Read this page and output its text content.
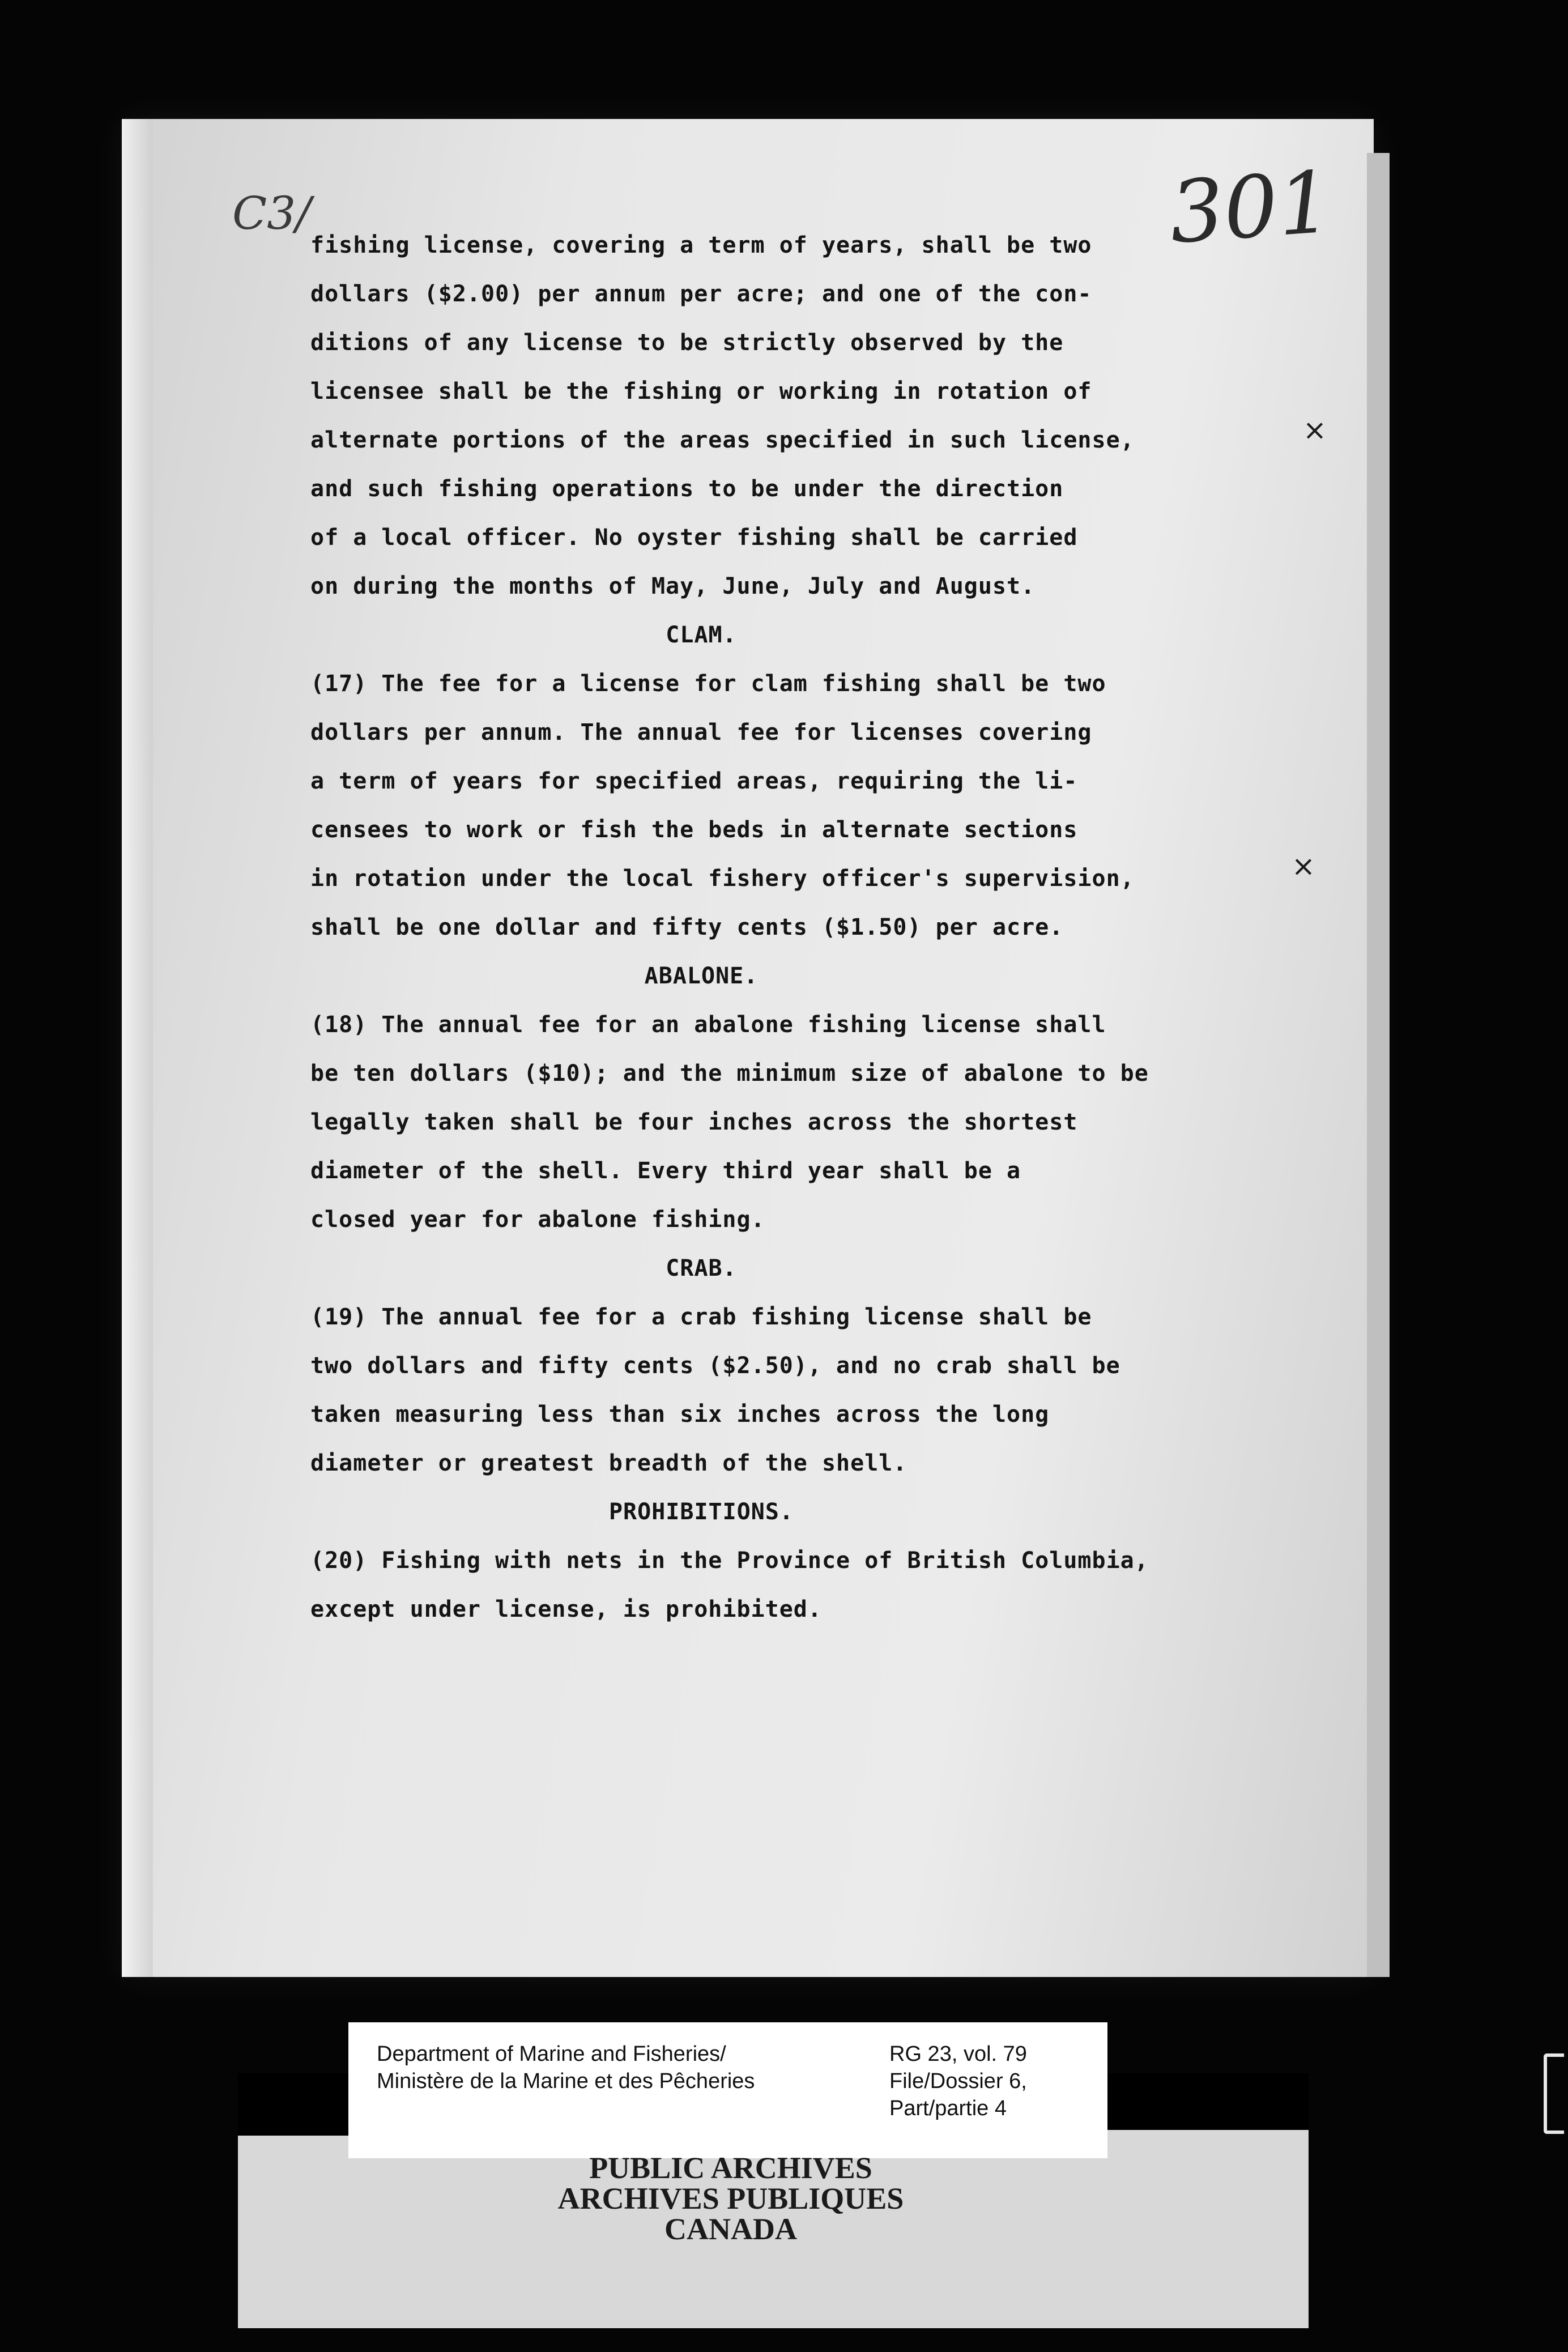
301
C3/
fishing license, covering a term of years, shall be two
dollars ($2.00) per annum per acre; and one of the con-
ditions of any license to be strictly observed by the
licensee shall be the fishing or working in rotation of
alternate portions of the areas specified in such license,
and such fishing operations to be under the direction
of a local officer. No oyster fishing shall be carried
on during the months of May, June, July and August.
CLAM.
(17) The fee for a license for clam fishing shall be two
dollars per annum. The annual fee for licenses covering
a term of years for specified areas, requiring the li-
censees to work or fish the beds in alternate sections
in rotation under the local fishery officer's supervision,
shall be one dollar and fifty cents ($1.50) per acre.
ABALONE.
(18) The annual fee for an abalone fishing license shall
be ten dollars ($10); and the minimum size of abalone to be
legally taken shall be four inches across the shortest
diameter of the shell. Every third year shall be a
closed year for abalone fishing.
CRAB.
(19) The annual fee for a crab fishing license shall be
two dollars and fifty cents ($2.50), and no crab shall be
taken measuring less than six inches across the long
diameter or greatest breadth of the shell.
PROHIBITIONS.
(20) Fishing with nets in the Province of British Columbia,
except under license, is prohibited.
×
×
Department of Marine and Fisheries/
Ministère de la Marine et des Pêcheries
RG 23, vol. 79
File/Dossier 6,
Part/partie 4
PUBLIC ARCHIVES
ARCHIVES PUBLIQUES
CANADA
